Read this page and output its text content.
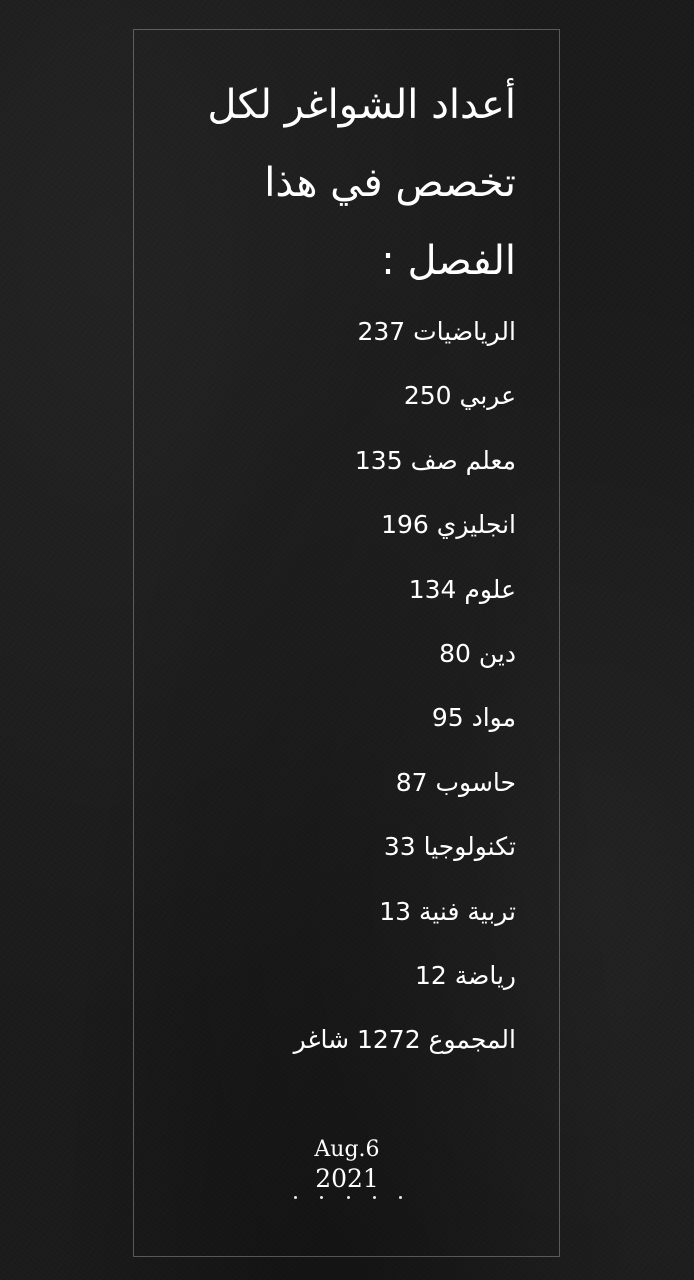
أعداد الشواغر لكل
تخصص في هذا
الفصل :
الرياضيات 237
عربي 250
معلم صف 135
انجليزي 196
علوم 134
دين 80
مواد 95
حاسوب 87
تكنولوجيا 33
تربية فنية 13
رياضة 12
المجموع 1272 شاغر
Aug.6
2021
